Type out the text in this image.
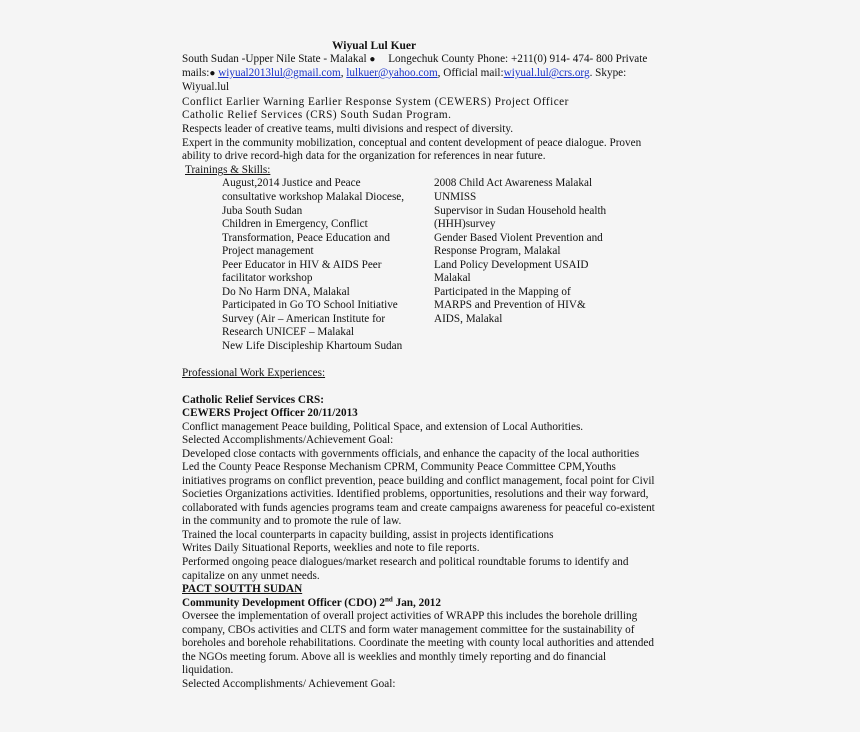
Wiyual Lul Kuer
South Sudan -Upper Nile State - Malakal ● Longechuk County Phone: +211(0) 914- 474- 800 Private
mails:● wiyual2013lul@gmail.com, lulkuer@yahoo.com, Official mail:wiyual.lul@crs.org. Skype:
Wiyual.lul
Conflict Earlier Warning Earlier Response System (CEWERS) Project Officer
Catholic Relief Services (CRS) South Sudan Program.
Respects leader of creative teams, multi divisions and respect of diversity.
Expert in the community mobilization, conceptual and content development of peace dialogue. Proven
ability to drive record-high data for the organization for references in near future.
Trainings & Skills:
August,2014 Justice and Peace
consultative workshop Malakal Diocese,
Juba South Sudan
Children in Emergency, Conflict
Transformation, Peace Education and
Project management
Peer Educator in HIV & AIDS Peer
facilitator workshop
Do No Harm DNA, Malakal
Participated in Go TO School Initiative
Survey (Air – American Institute for
Research UNICEF – Malakal
New Life Discipleship Khartoum Sudan
2008 Child Act Awareness Malakal
UNMISS
Supervisor in Sudan Household health
(HHH)survey
Gender Based Violent Prevention and
Response Program, Malakal
Land Policy Development USAID
Malakal
Participated in the Mapping of
MARPS and Prevention of HIV&
AIDS, Malakal
Professional Work Experiences:
Catholic Relief Services CRS:
CEWERS Project Officer 20/11/2013
Conflict management Peace building, Political Space, and extension of Local Authorities.
Selected Accomplishments/Achievement Goal:
Developed close contacts with governments officials, and enhance the capacity of the local authorities
Led the County Peace Response Mechanism CPRM, Community Peace Committee CPM,Youths
initiatives programs on conflict prevention, peace building and conflict management, focal point for Civil
Societies Organizations activities. Identified problems, opportunities, resolutions and their way forward,
collaborated with funds agencies programs team and create campaigns awareness for peaceful co-existent
in the community and to promote the rule of law.
Trained the local counterparts in capacity building, assist in projects identifications
Writes Daily Situational Reports, weeklies and note to file reports.
Performed ongoing peace dialogues/market research and political roundtable forums to identify and
capitalize on any unmet needs.
PACT SOUTTH SUDAN
Community Development Officer (CDO) 2nd Jan, 2012
Oversee the implementation of overall project activities of WRAPP this includes the borehole drilling
company, CBOs activities and CLTS and form water management committee for the sustainability of
boreholes and borehole rehabilitations. Coordinate the meeting with county local authorities and attended
the NGOs meeting forum. Above all is weeklies and monthly timely reporting and do financial
liquidation.
Selected Accomplishments/ Achievement Goal:
